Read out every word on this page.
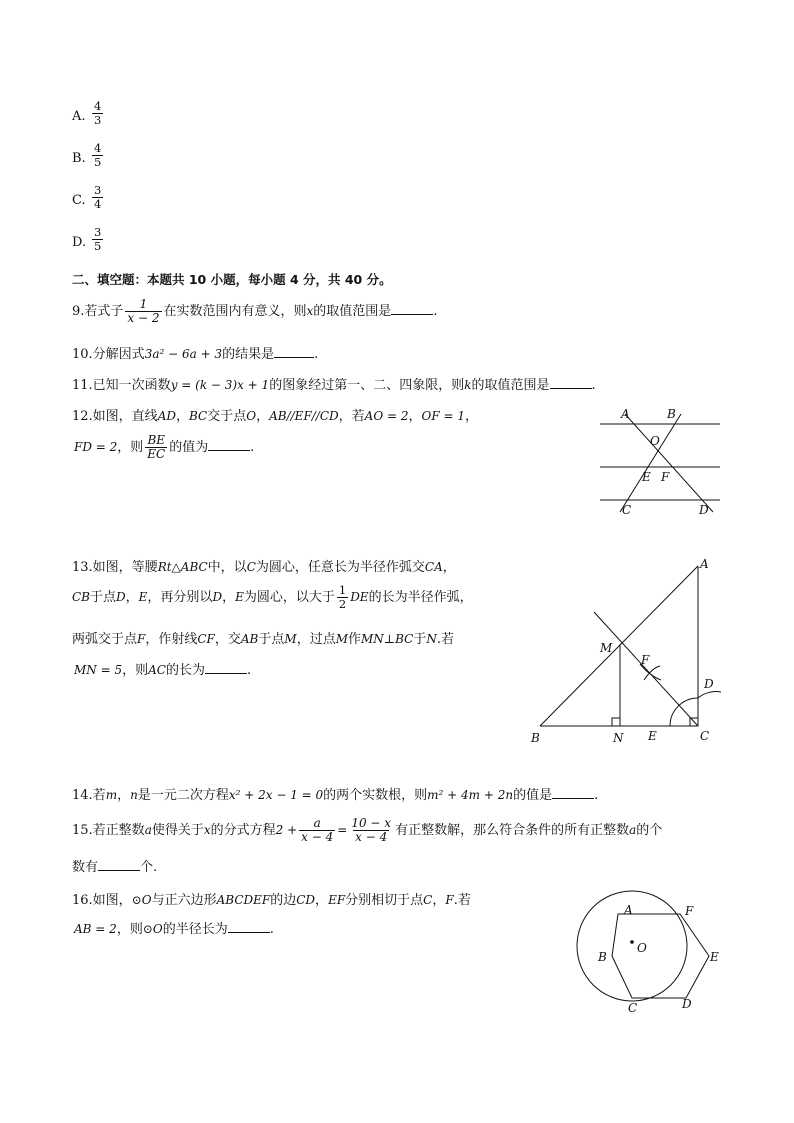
A. $\frac{4}{3}$
B. $\frac{4}{5}$
C. $\frac{3}{4}$
D. $\frac{3}{5}$
二、填空题：本题共 10 小题，每小题 4 分，共 40 分。
9.若式子 $\frac{1}{x - 2}$ 在实数范围内有意义，则x的取值范围是	.
10.分解因式3a² − 6a + 3的结果是	.
11.已知一次函数y = (k − 3)x + 1的图象经过第一、二、四象限，则k的取值范围是	.
12.如图，直线AD，BC交于点O，AB//EF//CD，若AO = 2，OF = 1，
FD = 2，则 $\frac{BE}{EC}$ 的值为	.
A	B
O
E F
C	D
13.如图，等腰Rt△ABC中，以C为圆心，任意长为半径作弧交CA，
CB于点D，E，再分别以D，E为圆心，以大于 $\frac{1}{2}$ DE的长为半径作弧，
两弧交于点F，作射线CF，交AB于点M，过点M作MN⊥BC于N.若
MN = 5，则AC的长为	.
A
M
F
D
B	N E	C
14.若m，n是一元二次方程x² + 2x − 1 = 0的两个实数根，则m² + 4m + 2n的值是	.
15.若正整数a使得关于x的分式方程$2 + \frac{a}{x - 4} = \frac{10 - x}{x - 4}$ 有正整数解，那么符合条件的所有正整数a的个
数有	个.
16.如图，⊙O与正六边形ABCDEF的边CD，EF分别相切于点C，F.若
AB = 2，则⊙O的半径长为	.
A	F
O
B	E
C	D
